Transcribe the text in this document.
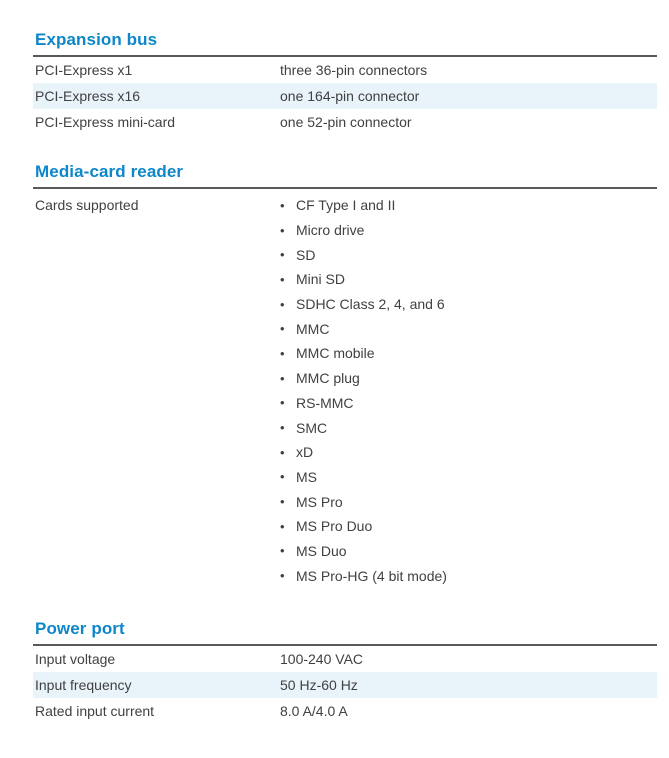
Expansion bus
PCI-Express x1	three 36-pin connectors
PCI-Express x16	one 164-pin connector
PCI-Express mini-card	one 52-pin connector
Media-card reader
Cards supported	• CF Type I and II
• Micro drive
• SD
• Mini SD
• SDHC Class 2, 4, and 6
• MMC
• MMC mobile
• MMC plug
• RS-MMC
• SMC
• xD
• MS
• MS Pro
• MS Pro Duo
• MS Duo
• MS Pro-HG (4 bit mode)
Power port
Input voltage	100-240 VAC
Input frequency	50 Hz-60 Hz
Rated input current	8.0 A/4.0 A
